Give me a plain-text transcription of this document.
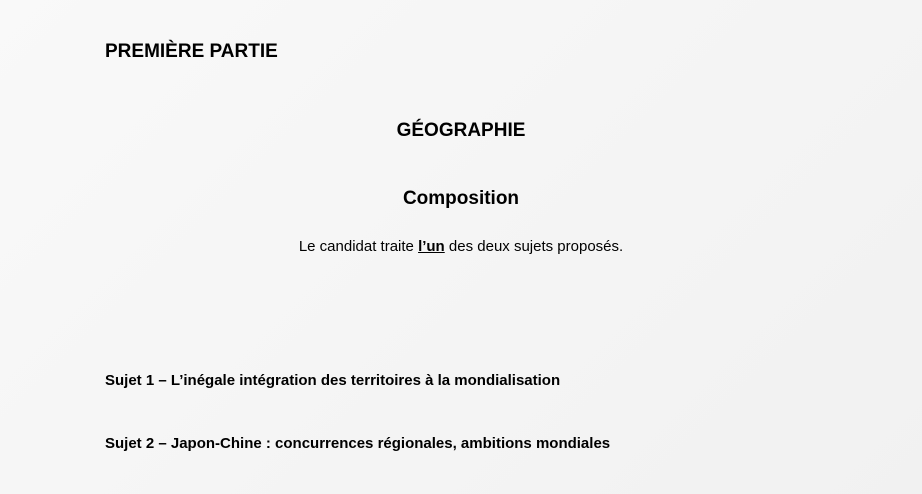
PREMIÈRE PARTIE
GÉOGRAPHIE
Composition
Le candidat traite l’un des deux sujets proposés.
Sujet 1 – L’inégale intégration des territoires à la mondialisation
Sujet 2 – Japon-Chine : concurrences régionales, ambitions mondiales
